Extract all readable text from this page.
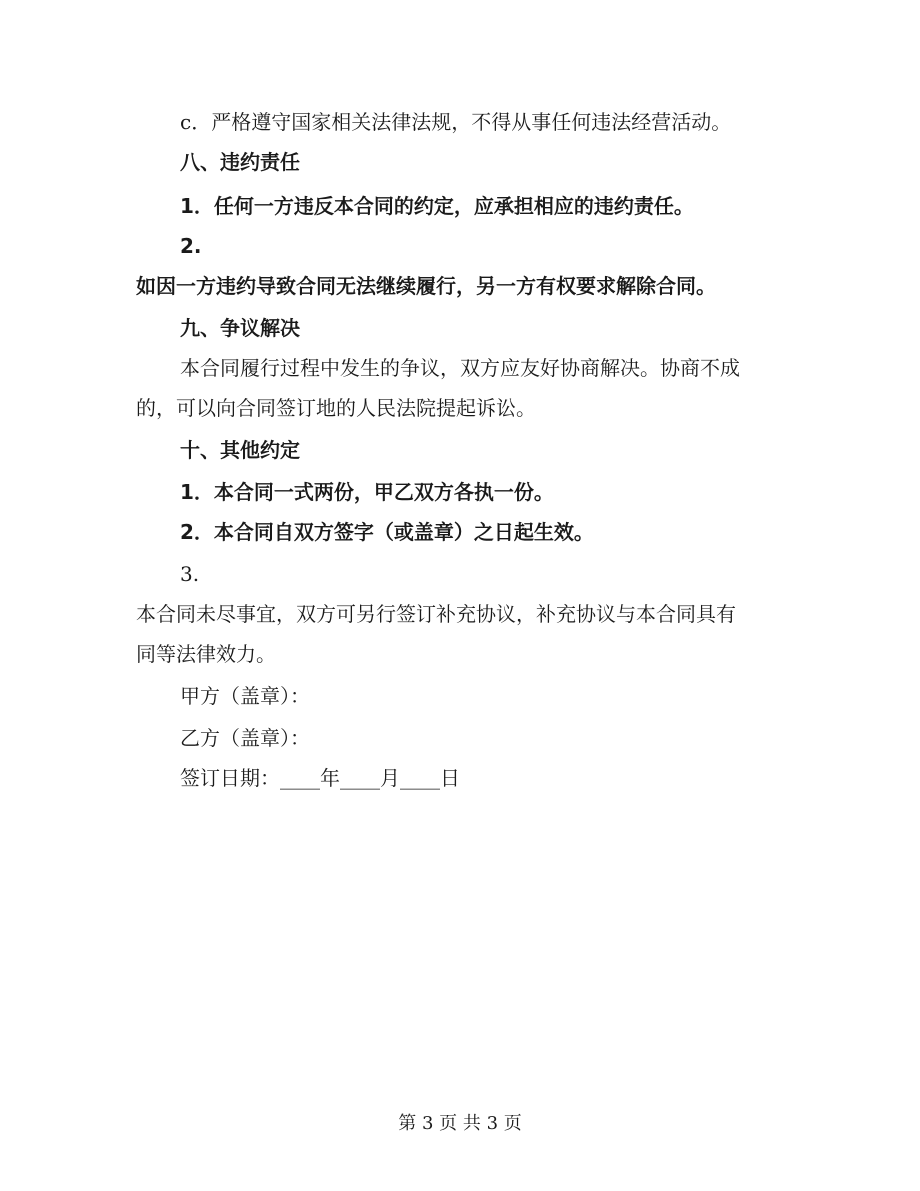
c．严格遵守国家相关法律法规，不得从事任何违法经营活动。
八、违约责任
1．任何一方违反本合同的约定，应承担相应的违约责任。
2.
如因一方违约导致合同无法继续履行，另一方有权要求解除合同。
九、争议解决
本合同履行过程中发生的争议，双方应友好协商解决。协商不成
的，可以向合同签订地的人民法院提起诉讼。
十、其他约定
1．本合同一式两份，甲乙双方各执一份。
2．本合同自双方签字（或盖章）之日起生效。
3.
本合同未尽事宜，双方可另行签订补充协议，补充协议与本合同具有
同等法律效力。
甲方（盖章）：
乙方（盖章）：
签订日期：____年____月____日
第 3 页 共 3 页
